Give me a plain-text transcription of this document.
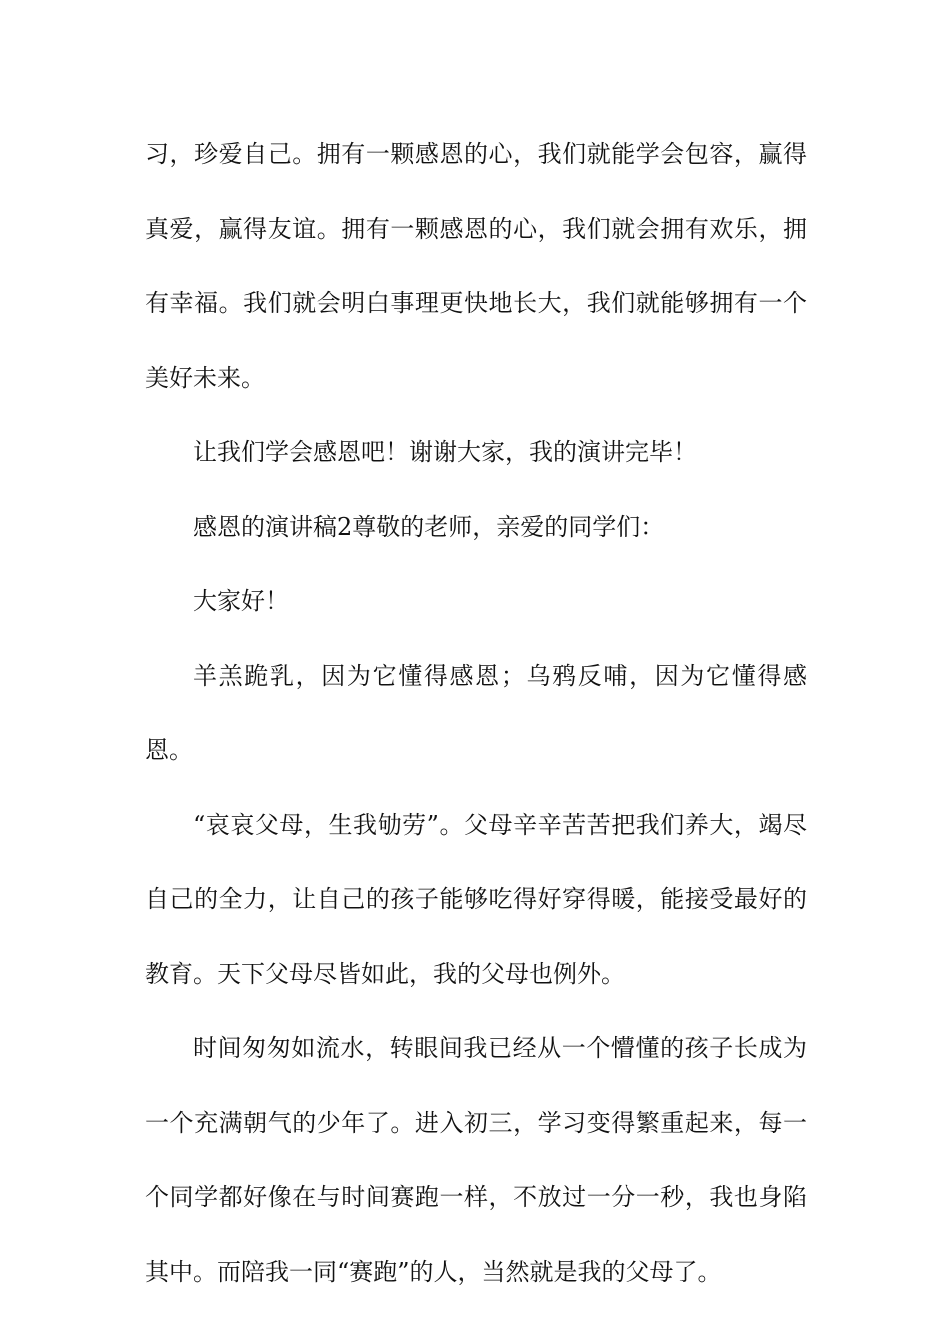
习，珍爱自己。拥有一颗感恩的心，我们就能学会包容，赢得真爱，赢得友谊。拥有一颗感恩的心，我们就会拥有欢乐，拥有幸福。我们就会明白事理更快地长大，我们就能够拥有一个美好未来。

让我们学会感恩吧！谢谢大家，我的演讲完毕！

感恩的演讲稿2尊敬的老师，亲爱的同学们：

大家好！

羊羔跪乳，因为它懂得感恩；乌鸦反哺，因为它懂得感恩。

“哀哀父母，生我劬劳”。父母辛辛苦苦把我们养大，竭尽自己的全力，让自己的孩子能够吃得好穿得暖，能接受最好的教育。天下父母尽皆如此，我的父母也例外。

时间匆匆如流水，转眼间我已经从一个懵懂的孩子长成为一个充满朝气的少年了。进入初三，学习变得繁重起来，每一个同学都好像在与时间赛跑一样，不放过一分一秒，我也身陷其中。而陪我一同“赛跑”的人，当然就是我的父母了。
